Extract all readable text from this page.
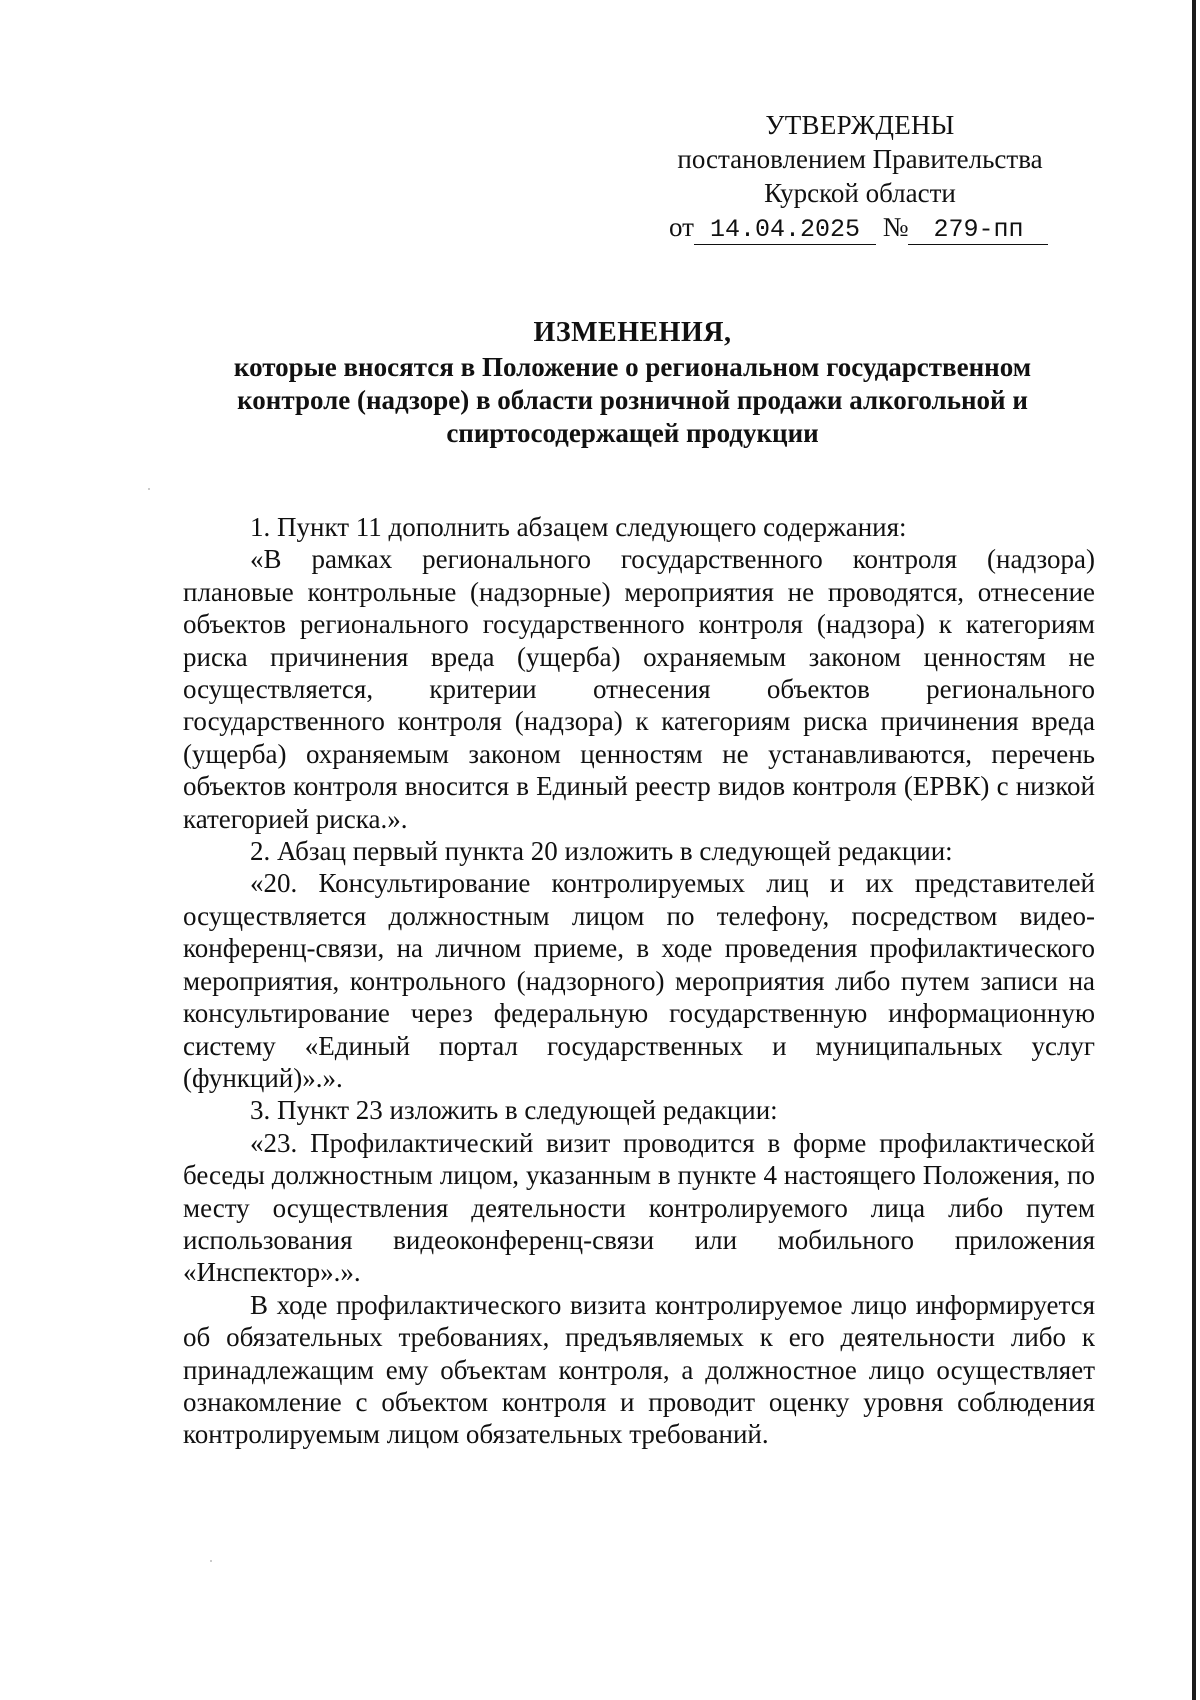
УТВЕРЖДЕНЫ
постановлением Правительства
Курской области
от 14.04.2025 № 279-пп
ИЗМЕНЕНИЯ,
которые вносятся в Положение о региональном государственном контроле (надзоре) в области розничной продажи алкогольной и спиртосодержащей продукции

1. Пункт 11 дополнить абзацем следующего содержания:

«В рамках регионального государственного контроля (надзора) плановые контрольные (надзорные) мероприятия не проводятся, отнесение объектов регионального государственного контроля (надзора) к категориям риска причинения вреда (ущерба) охраняемым законом ценностям не осуществляется, критерии отнесения объектов регионального государственного контроля (надзора) к категориям риска причинения вреда (ущерба) охраняемым законом ценностям не устанавливаются, перечень объектов контроля вносится в Единый реестр видов контроля (ЕРВК) с низкой категорией риска.».

2. Абзац первый пункта 20 изложить в следующей редакции:

«20. Консультирование контролируемых лиц и их представителей осуществляется должностным лицом по телефону, посредством видео-конференц-связи, на личном приеме, в ходе проведения профилактического мероприятия, контрольного (надзорного) мероприятия либо путем записи на консультирование через федеральную государственную информационную систему «Единый портал государственных и муниципальных услуг (функций)».».

3. Пункт 23 изложить в следующей редакции:

«23. Профилактический визит проводится в форме профилактической беседы должностным лицом, указанным в пункте 4 настоящего Положения, по месту осуществления деятельности контролируемого лица либо путем использования видеоконференц-связи или мобильного приложения «Инспектор».».

В ходе профилактического визита контролируемое лицо информируется об обязательных требованиях, предъявляемых к его деятельности либо к принадлежащим ему объектам контроля, а должностное лицо осуществляет ознакомление с объектом контроля и проводит оценку уровня соблюдения контролируемым лицом обязательных требований.
